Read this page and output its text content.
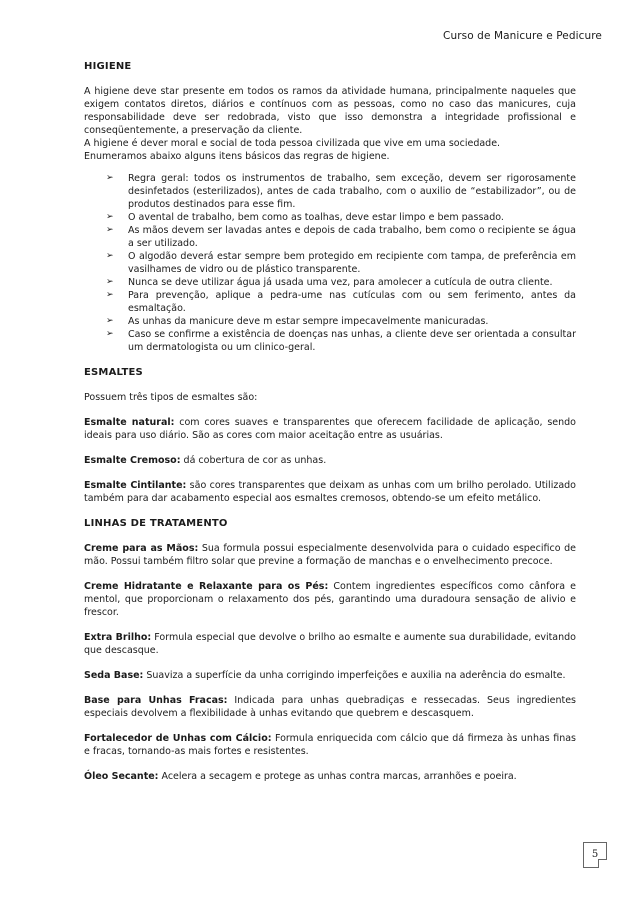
Curso de Manicure e Pedicure
HIGIENE

A higiene deve star presente em todos os ramos da atividade humana, principalmente naqueles que exigem contatos diretos, diários e contínuos com as pessoas, como no caso das manicures, cuja responsabilidade deve ser redobrada, visto que isso demonstra a integridade profissional e conseqüentemente, a preservação da cliente.

A higiene é dever moral e social de toda pessoa civilizada que vive em uma sociedade.

Enumeramos abaixo alguns itens básicos das regras de higiene.

➢ Regra geral: todos os instrumentos de trabalho, sem exceção, devem ser rigorosamente desinfetados (esterilizados), antes de cada trabalho, com o auxilio de “estabilizador”, ou de produtos destinados para esse fim.
➢ O avental de trabalho, bem como as toalhas, deve estar limpo e bem passado.
➢ As mãos devem ser lavadas antes e depois de cada trabalho, bem como o recipiente se água a ser utilizado.
➢ O algodão deverá estar sempre bem protegido em recipiente com tampa, de preferência em vasilhames de vidro ou de plástico transparente.
➢ Nunca se deve utilizar água já usada uma vez, para amolecer a cutícula de outra cliente.
➢ Para prevenção, aplique a pedra-ume nas cutículas com ou sem ferimento, antes da esmaltação.
➢ As unhas da manicure deve m estar sempre impecavelmente manicuradas.
➢ Caso se confirme a existência de doenças nas unhas, a cliente deve ser orientada a consultar um dermatologista ou um clinico-geral.
ESMALTES

Possuem três tipos de esmaltes são:

Esmalte natural: com cores suaves e transparentes que oferecem facilidade de aplicação, sendo ideais para uso diário. São as cores com maior aceitação entre as usuárias.

Esmalte Cremoso: dá cobertura de cor as unhas.

Esmalte Cintilante: são cores transparentes que deixam as unhas com um brilho perolado. Utilizado também para dar acabamento especial aos esmaltes cremosos, obtendo-se um efeito metálico.

LINHAS DE TRATAMENTO

Creme para as Mãos: Sua formula possui especialmente desenvolvida para o cuidado especifico de mão. Possui também filtro solar que previne a formação de manchas e o envelhecimento precoce.

Creme Hidratante e Relaxante para os Pés: Contem ingredientes específicos como cânfora e mentol, que proporcionam o relaxamento dos pés, garantindo uma duradoura sensação de alivio e frescor.

Extra Brilho: Formula especial que devolve o brilho ao esmalte e aumente sua durabilidade, evitando que descasque.

Seda Base: Suaviza a superfície da unha corrigindo imperfeições e auxilia na aderência do esmalte.

Base para Unhas Fracas: Indicada para unhas quebradiças e ressecadas. Seus ingredientes especiais devolvem a flexibilidade à unhas evitando que quebrem e descasquem.

Fortalecedor de Unhas com Cálcio: Formula enriquecida com cálcio que dá firmeza às unhas finas e fracas, tornando-as mais fortes e resistentes.

Óleo Secante: Acelera a secagem e protege as unhas contra marcas, arranhões e poeira.

5
